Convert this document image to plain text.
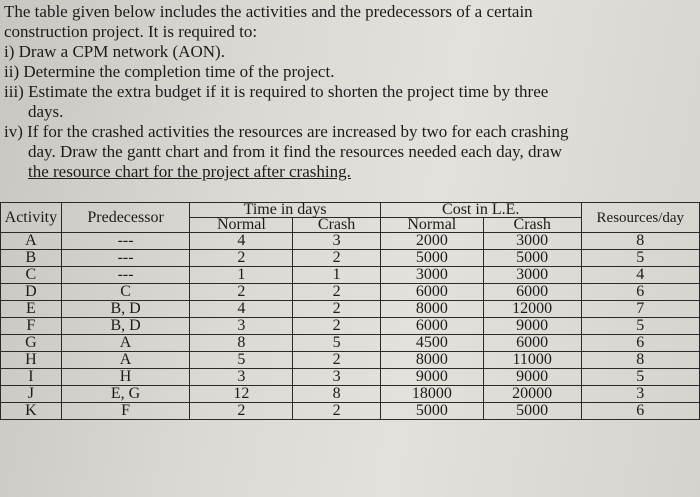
The table given below includes the activities and the predecessors of a certain
construction project. It is required to:
i) Draw a CPM network (AON).
ii) Determine the completion time of the project.
iii) Estimate the extra budget if it is required to shorten the project time by three
days.
iv) If for the crashed activities the resources are increased by two for each crashing
day. Draw the gantt chart and from it find the resources needed each day, draw
the resource chart for the project after crashing.
Activity	Predecessor	Time in days		Cost in L.E.		Resources/day
		Normal	Crash	Normal	Crash	
A	---	4	3	2000	3000	8
B	---	2	2	5000	5000	5
C	---	1	1	3000	3000	4
D	C	2	2	6000	6000	6
E	B, D	4	2	8000	12000	7
F	B, D	3	2	6000	9000	5
G	A	8	5	4500	6000	6
H	A	5	2	8000	11000	8
I	H	3	3	9000	9000	5
J	E, G	12	8	18000	20000	3
K	F	2	2	5000	5000	6
